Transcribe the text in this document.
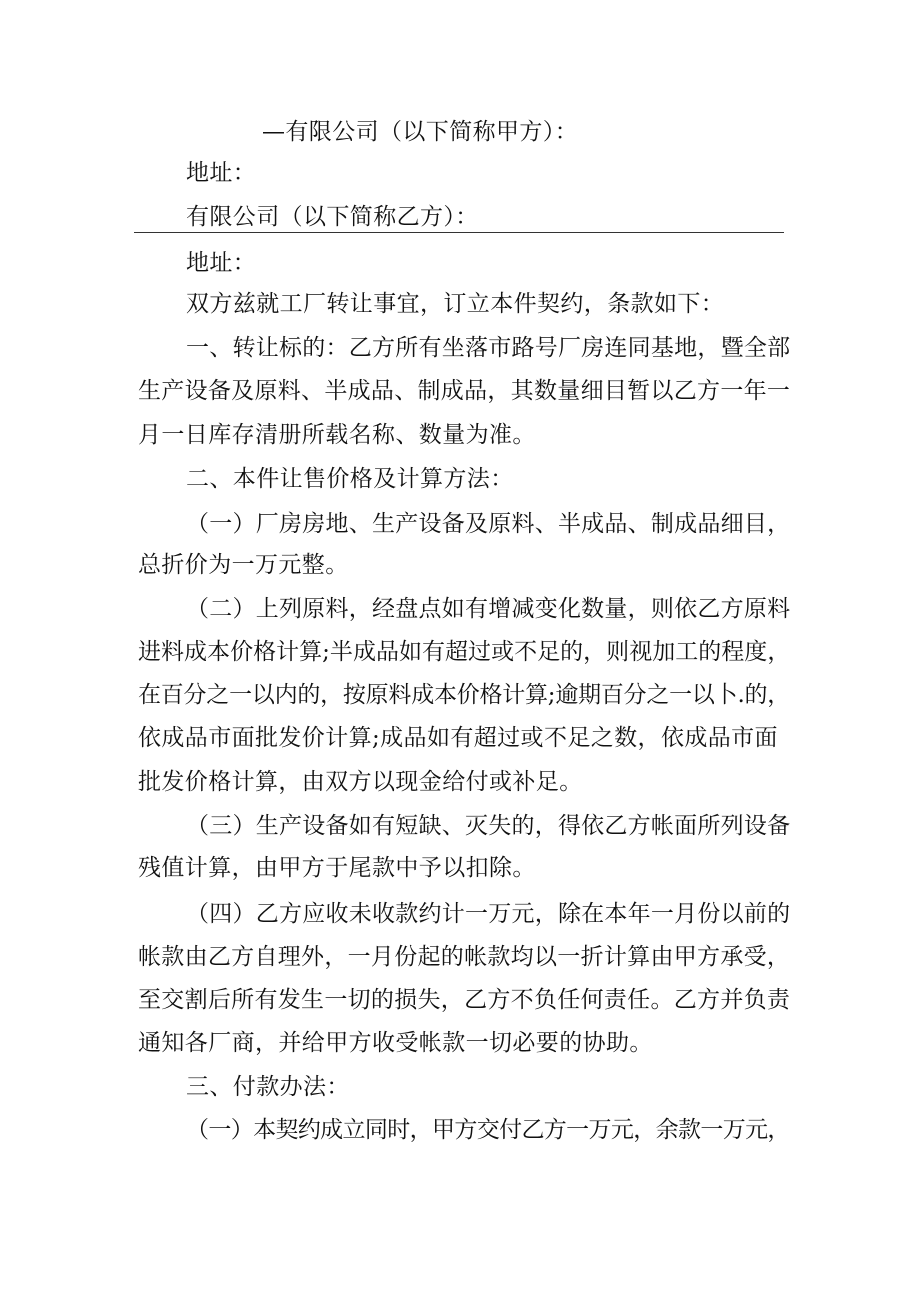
—有限公司（以下简称甲方）：
地址：
有限公司（以下简称乙方）：
地址：
双方兹就工厂转让事宜，订立本件契约，条款如下：
一、转让标的：乙方所有坐落市路号厂房连同基地，暨全部
生产设备及原料、半成品、制成品，其数量细目暂以乙方一年一
月一日库存清册所载名称、数量为准。
二、本件让售价格及计算方法：
（一）厂房房地、生产设备及原料、半成品、制成品细目，
总折价为一万元整。
（二）上列原料，经盘点如有增减变化数量，则依乙方原料
进料成本价格计算;半成品如有超过或不足的，则视加工的程度，
在百分之一以内的，按原料成本价格计算;逾期百分之一以卜.的，
依成品市面批发价计算;成品如有超过或不足之数，依成品市面
批发价格计算，由双方以现金给付或补足。
（三）生产设备如有短缺、灭失的，得依乙方帐面所列设备
残值计算，由甲方于尾款中予以扣除。
（四）乙方应收未收款约计一万元，除在本年一月份以前的
帐款由乙方自理外，一月份起的帐款均以一折计算由甲方承受，
至交割后所有发生一切的损失，乙方不负任何责任。乙方并负责
通知各厂商，并给甲方收受帐款一切必要的协助。
三、付款办法：
（一）本契约成立同时，甲方交付乙方一万元，余款一万元，
